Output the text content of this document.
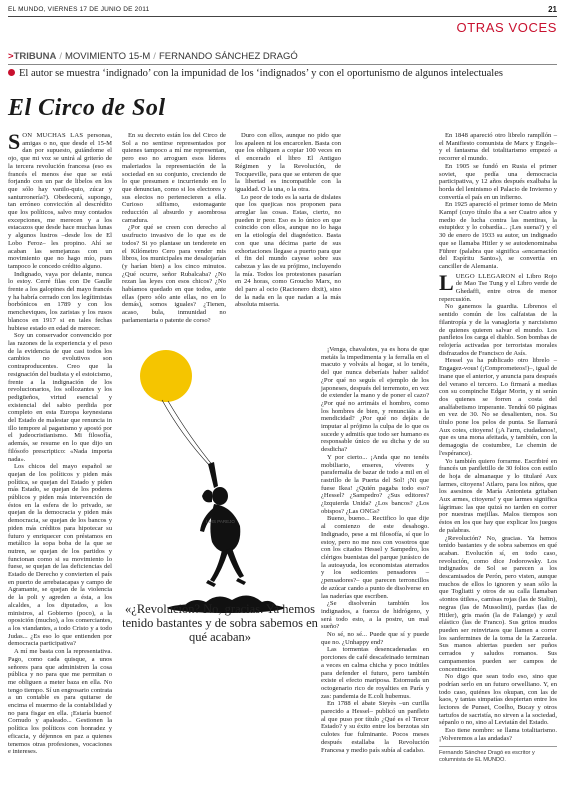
EL MUNDO, VIERNES 17 DE JUNIO DE 2011	21
OTRAS VOCES
>TRIBUNA / MOVIMIENTO 15-M / FERNANDO SÁNCHEZ DRAGÓ
El autor se muestra ‘indignado’ con la impunidad de los ‘indignados’ y con el oportunismo de algunos intelectuales
El Circo de Sol

SON MUCHAS LAS personas, amigas o no, que desde el 15-M dan por supuesto, guiándome el ojo, que mi voz se unirá al griterío de la tercera revolución francesa (eso es francés el menos ése que se está forjando con un par de libelos en los que sólo hay vanilo-quio, zúcar y santurronería?). Obedecerá, supongo, tan erróneo convicción al descrédito que los políticos, salvo muy contados excepciones, me merecen y a los estacazos que desde hace muchas lunas y algunos lustros –desde los de El Lobo Feroz– les propino. Ahí se acaban las semejanzas con un movimiento que no hago mío, pues tampoco le concedo crédito alguno.

Indignado, vaya por delante, nunca lo estoy. Cerré filas con De Gaulle frente a los galopines del mayo francés y ha habría cerrado con los legítimistas borbónicos en 1789 y con los mencheviques, los zaristas y los rusos blancos en 1917 si en tales fechas hubiese estado en edad de merecer.

Soy un conservador convencido por las razones de la experiencia y el peso de la evidencia de que casi todos los cambios no evolutivos son contraproducentes. Creo que la resignación del budista y el estoicismo, frente a la indignación de los revolucionarios, los sollozantes y los pedigüeños, virtud esencial y existencial del sabio perdida por completo en esta Europa keynesiana del Estado de malestar que renuncia in illo tempore al paganismo y apostó por el judeocristianismo. Mi filosofía, además, se resume en lo que dijo un filósofo prescriptico: «Nada importa nada».

Los chicos del mayo español se quejan de los políticos y piden más política, se quejan del Estado y piden más Estado, se quejan de los poderes públicos y piden más intervención de éstos en la esfera de lo privado, se quejan de la democracia y piden más democracia, se quejan de los bancos y piden más créditos para hipotecar su futuro y enriquecer con préstamos en metálico la sopa boba de la que se nutren, se quejan de los partidos y funcionan como si su movimiento lo fuese, se quejan de las deficiencias del Estado de Derecho y convierten el país en puerto de arrebatacapas y campo de Agramante, se quejan de la violencia de la poli y agreden a ésta, a los alcaldes, a los diputados, a los ministros, al Gobierno (poco), a la oposición (mucho), a los comerciantes, a los viandantes, a todo Cristo y a todo Judas... ¿Es eso lo que entienden por democracia participativa?

A mí me basta con la representativa. Pago, como cada quisque, a unos señores para que administren la cosa pública y no para que me permitan o me obliguen a meter baza en ella. No tengo tiempo. Sí un engrosario contrata a un contable es para quitarse de encima el muermo de la contabilidad y no para fisgar en ella. ¡Estaría bueno! Cornudo y apaleado... Gestionen la política los políticos con honradez y eficacia, y déjennos en paz a quienes tenemos otras profesiones, vocaciones e intereses.

En su decreto están los del Circo de Sol a no sentirse representados por quienes tampoco a mí me representan, pero eso no arroguen esos líderes maleriados la representación de la sociedad en su conjunto, creciendo de lo que presumen e incurriendo en lo que denuncian, como si los electores y sus electos no pertenecieren a ella. Curioso silfismo, estomagante reducción al absurdo y asombrosa carradura.

¿Por qué se creen con derecho al usufructo invasivo de lo que es de todos? Si yo plantase un tenderete en el Kilómetro Cero para vender mis libros, los municipales me desalojarían (y harían bien) a los cinco minutos. ¿Qué ocurre, señor Rubalcaba? ¿No rezan las leyes con esos chicos? ¿No habíamos quedado en que todos, ante ellas (pero sólo ante ellas, no en lo demás), somos iguales? ¿Tienen, acaso, bula, inmunidad no parlamentaria o patente de corso?

Duro con ellos, aunque no pido que los apaleen ni los encarcelen. Basta con que los obliguen a copiar 100 veces en el encerado el libro El Antiguo Régimen y la Revolución, de Tocqueville, para que se enteren de que la libertad es incompatible con la igualdad. O la una, o la otra.

Lo peor de todo es la sarta de dislates que los quejicas nos proponen para arreglar las cosas. Estas, cierto, no pueden ir peor. Eso es lo único en que coincido con ellos, aunque no lo haga en la etiología del diagnóstico. Basta con que una décima parte de sus exhortaciones llegase a puerto para que el fin del mundo cayese sobre sus cabezas y las de su prójimo, incluyendo la mía. Todos los protestones pasarían en 24 horas, como Groucho Marx, no del paro al ocio (Racionero dixit), sino de la nada en la que nadan a la más absoluta miseria.

¡Venga, chavalotes, ya es hora de que metáis la impedimenta y la ferralla en el macuto y volváis al hogar, si lo tenéis, del que nunca deberíais haber salido! ¿Por qué no seguís el ejemplo de los japoneses, después del terremoto, en vez de extender la mano y de poner el cazo? ¿Por qué no arrimáis el hombro, como los hombres de bien, y renunciáis a la mendicidad? ¿Por qué no dejáis de imputar al prójimo la culpa de lo que os sucede y admitís que todo ser humano es responsable único de su dicha y de su desdicha?

Y por cierto... ¡Anda que no tenéis mobiliario, enseres, víveres y parafernalia de bazar de todo a mil en el rastrillo de la Puerta del Sol! ¡Ni que fuese Ikea! ¿Quién pagaba todo eso? ¿Hessel? ¿Sampedro? ¿Sus editores? ¿Izquierda Unida? ¿Los bancos? ¿Los obispos? ¿Las ONGs?

Bueno, bueno... Rectifico lo que dije al comienzo de este desahogo. Indignado, pese a mi filosofía, sí que lo estoy, pero no me nos con vosotros que con los citados Hessel y Sampedro, los clérigos buenistas del parque jurásico de la autoayuda, los economistas aterrados y los sedicentes pensadores –¿pensadores?– que parecen terroncillos de azúcar cando a punto de disolverse en las naderías que escriben.

¿Se disolverán también los indignados, a fuerza de hidrógeno, y será todo esto, a la postre, un mal sueño?

No sé, no sé... Puede que sí y puede que no. ¿Unhappy end?

Las tormentas desencadenadas en porciones de café descafeinado terminan a veces en calma chicha y poco inútiles para defender el futuro, pero también existe el efecto mariposa. Estornuda un octogenario rico de royalties en París y zas: pandemia de E.coli hubemus.

En 1788 el abate Sieyès –un curilla parecido a Hessel– publicó un panfleto al que puso por título ¿Qué es el Tercer Estado? y su éxito entre los berzotas sin culotes fue fulminante. Pocos meses después estallaba la Revolución Francesa y medio país subía al cadalso.

En 1848 apareció otro librelo rampllón –el Manifiesto comunista de Marx y Engels– y el fantasma del totalitarismo empezó a recorrer el mundo.

En 1905 se fundó en Rusia el primer soviet, que pedía una democracia participativa, y 12 años después exalbaba la horda del leninismo el Palacio de Invierno y convertía el país en un infierno.

En 1925 apareció el primer tomo de Mein Kampf (cuyo título iba a ser Cuatro años y medio de lucha contra las mentiras, la estupidez y lo cobardía... ¡Les suena?) y el 30 de enero de 1933 su autor, un indignado que se llamaba Hitler y se autodenominaba Führer (palabra que significa «encarnación del Espíritu Santo»), se convertía en canciller de Alemania.

LUEGO LLEGARON el Libro Rojo de Mao Tse Tung y el Libro verde de Ghedaffi, entre otros de menor repercusión.

No ganemos la guardia. Librenos el sentido común de los calfaistas de la filantropía y de la vanagloria y narcisismo de quienes quieren salvar el mundo. Los panfletos los carga el diablo. Son bombas de relojería activadas por terroristas morales disfrazados de Francisco de Asís.

Hessel ya ha publicado otro librelo –Engagez-vous! (¡Comprometeos!)–, igual de inane que el anterior, y anuncia para después del verano el tercero. Lo firmará a medias con su compinche Edgar Morin, y ni serán dos quienes se forren a costa del analfabetismo imperante. Tendrá 60 páginas en vez de 30. No se desalienten, nos. Su título pone los pelos de punta. Se llamará Aux cotes, citoyens! (¡A l'arm, ciudadanos!, que es una mona afeitada, y también, con la demagogia de costumbre, Le chemin de l'espérance).

Yo también quiero forrarme. Escribiré en francés un panfletillo de 30 folios con estilo de hoja de almanaque y lo titularé Aux larmes, citoyens! Atlaro, para los niños, que los asesinos de María Antonieta gritaban Aux armes, citoyens! y que larmes significa lágrimas: las que quizá no tarden en correr por nuestras mejillas. Malos tiempos son éstos en los que hay que explicar los juegos de palabras.

¿Revolución? No, gracias. Ya hemos tenido bastantes y de sobra sabemos en qué acaban. Evolución sí, en todo caso, revolución, como dice Jodorowsky. Los indignados de Sol se parecen a los descamisados de Perón, pero visten, aunque muchos de ellos lo ignoren y sean sólo la que Togliatti y otros de su calla llamaban «tontos útiles», camisas rojas (las de Stalin), negras (las de Mussolini), pardas (las de Hitler), gris maón (la de Falange) y azul elástico (las de Franco). Sus gritos mudos pueden ser reinvirtaos que llamen a correr los sanfermines de la toma de la Zarzuela. Sus manos abiertas pueden ser puños cerrados y saludos romanos. Sus campamentos pueden ser campos de concentración.

No digo que sean todo eso, sino que podrían serlo en un futuro orwelliano. Y, en todo caso, quiénes los okupan, con las de kaos, y tantas simpatías despiertan entre los lectores de Punset, Coelho, Bucay y otros tartufos de sacristía, no sirven a la sociedad, sépanlo o no, sino al Leviatán del Estado.

Eso tiene nombre: se llama totalitarismo. ¡Volveremos a las andadas?

LUIS PAREJO
«¿Revolución? No, gracias. Ya hemos tenido bastantes y de sobra sabemos en qué acaban»
Fernando Sánchez Dragó es escritor y columnista de EL MUNDO.
